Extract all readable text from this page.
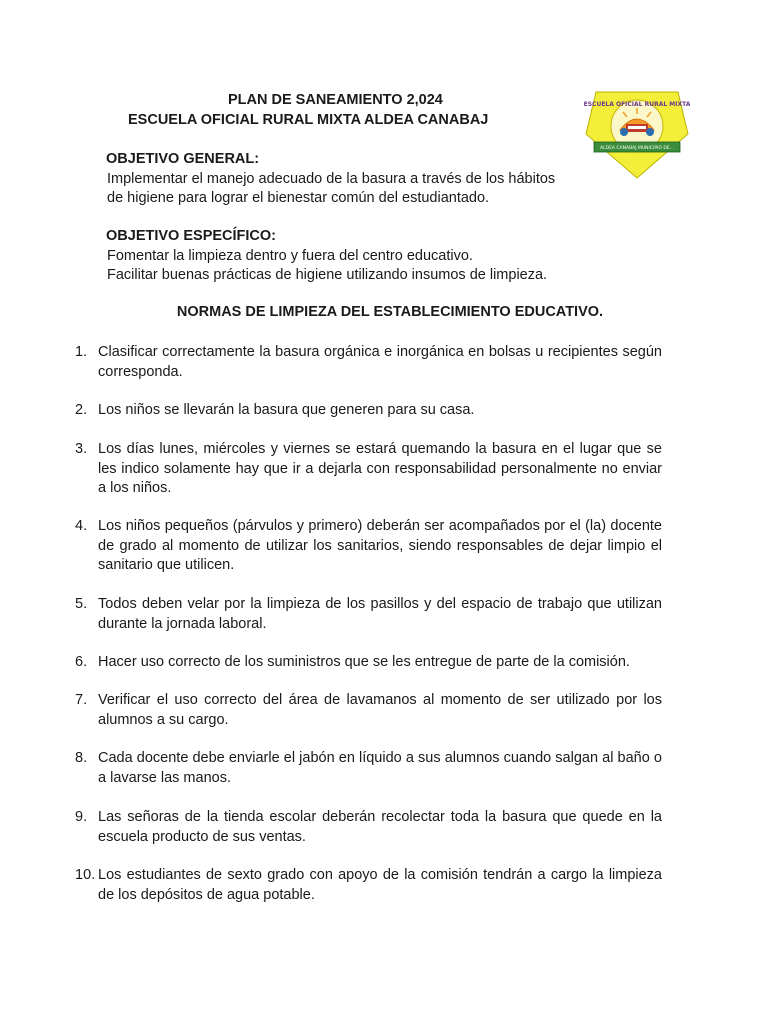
PLAN DE SANEAMIENTO 2,024
ESCUELA OFICIAL RURAL MIXTA ALDEA CANABAJ
ESCUELA OFICIAL RURAL MIXTA
ALDEA CANABAJ MUNICIPIO DE...
OBJETIVO GENERAL:
Implementar el manejo adecuado de la basura a través de los hábitos
de higiene para lograr el bienestar común del estudiantado.
OBJETIVO ESPECÍFICO:
Fomentar la limpieza dentro y fuera del centro educativo.
Facilitar buenas prácticas de higiene utilizando insumos de limpieza.
NORMAS DE LIMPIEZA DEL ESTABLECIMIENTO EDUCATIVO.
1. Clasificar correctamente la basura orgánica e inorgánica en bolsas u recipientes según corresponda.
2. Los niños se llevarán la basura que generen para su casa.
3. Los días lunes, miércoles y viernes se estará quemando la basura en el lugar que se les indico solamente hay que ir a dejarla con responsabilidad personalmente no enviar a los niños.
4. Los niños pequeños (párvulos y primero) deberán ser acompañados por el (la) docente de grado al momento de utilizar los sanitarios, siendo responsables de dejar limpio el sanitario que utilicen.
5. Todos deben velar por la limpieza de los pasillos y del espacio de trabajo que utilizan durante la jornada laboral.
6. Hacer uso correcto de los suministros que se les entregue de parte de la comisión.
7. Verificar el uso correcto del área de lavamanos al momento de ser utilizado por los alumnos a su cargo.
8. Cada docente debe enviarle el jabón en líquido a sus alumnos cuando salgan al baño o a lavarse las manos.
9. Las señoras de la tienda escolar deberán recolectar toda la basura que quede en la escuela producto de sus ventas.
10. Los estudiantes de sexto grado con apoyo de la comisión tendrán a cargo la limpieza de los depósitos de agua potable.
